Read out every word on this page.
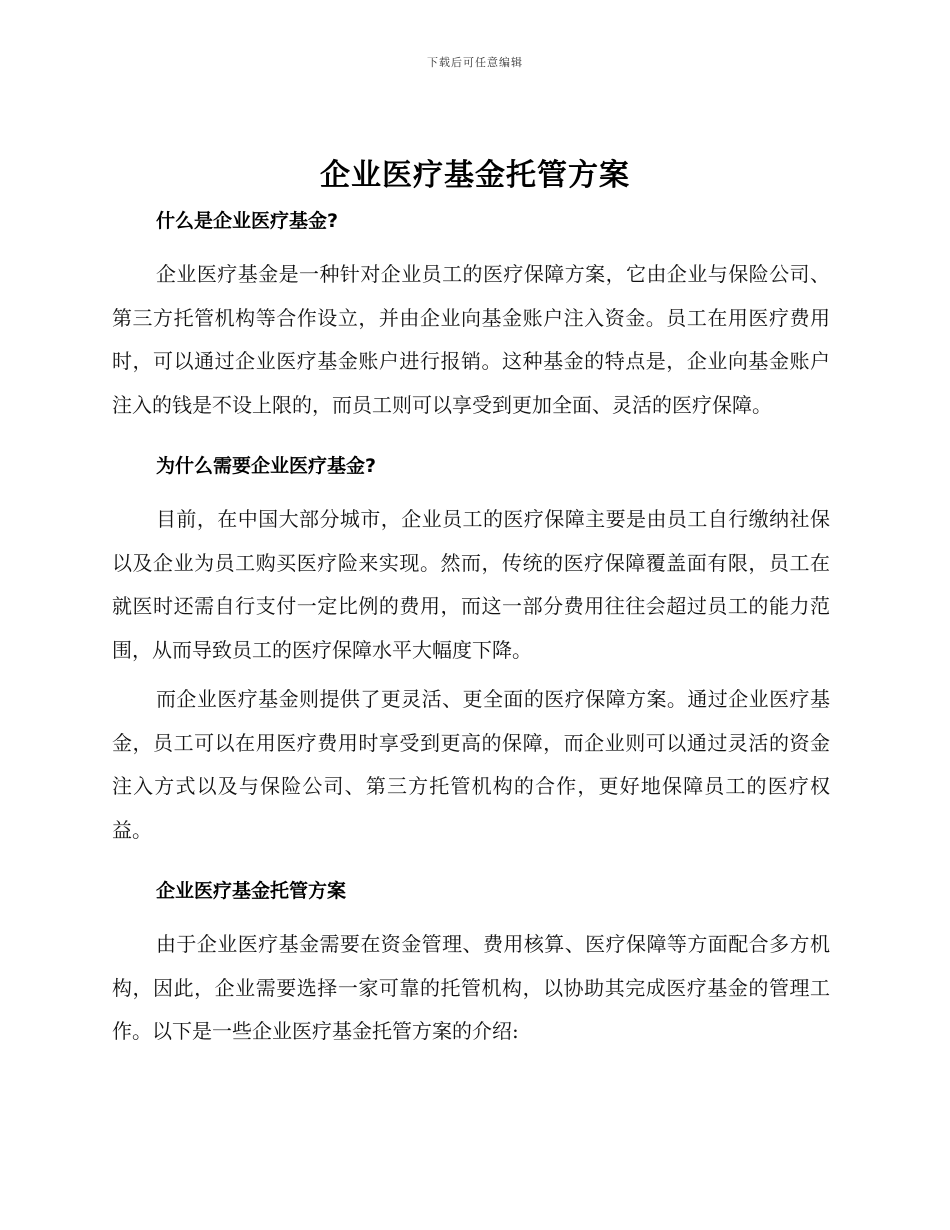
下载后可任意编辑
企业医疗基金托管方案
什么是企业医疗基金?

企业医疗基金是一种针对企业员工的医疗保障方案，它由企业与保险公司、第三方托管机构等合作设立，并由企业向基金账户注入资金。员工在用医疗费用时，可以通过企业医疗基金账户进行报销。这种基金的特点是，企业向基金账户注入的钱是不设上限的，而员工则可以享受到更加全面、灵活的医疗保障。

为什么需要企业医疗基金?

目前，在中国大部分城市，企业员工的医疗保障主要是由员工自行缴纳社保以及企业为员工购买医疗险来实现。然而，传统的医疗保障覆盖面有限，员工在就医时还需自行支付一定比例的费用，而这一部分费用往往会超过员工的能力范围，从而导致员工的医疗保障水平大幅度下降。

而企业医疗基金则提供了更灵活、更全面的医疗保障方案。通过企业医疗基金，员工可以在用医疗费用时享受到更高的保障，而企业则可以通过灵活的资金注入方式以及与保险公司、第三方托管机构的合作，更好地保障员工的医疗权益。

企业医疗基金托管方案

由于企业医疗基金需要在资金管理、费用核算、医疗保障等方面配合多方机构，因此，企业需要选择一家可靠的托管机构，以协助其完成医疗基金的管理工作。以下是一些企业医疗基金托管方案的介绍:
